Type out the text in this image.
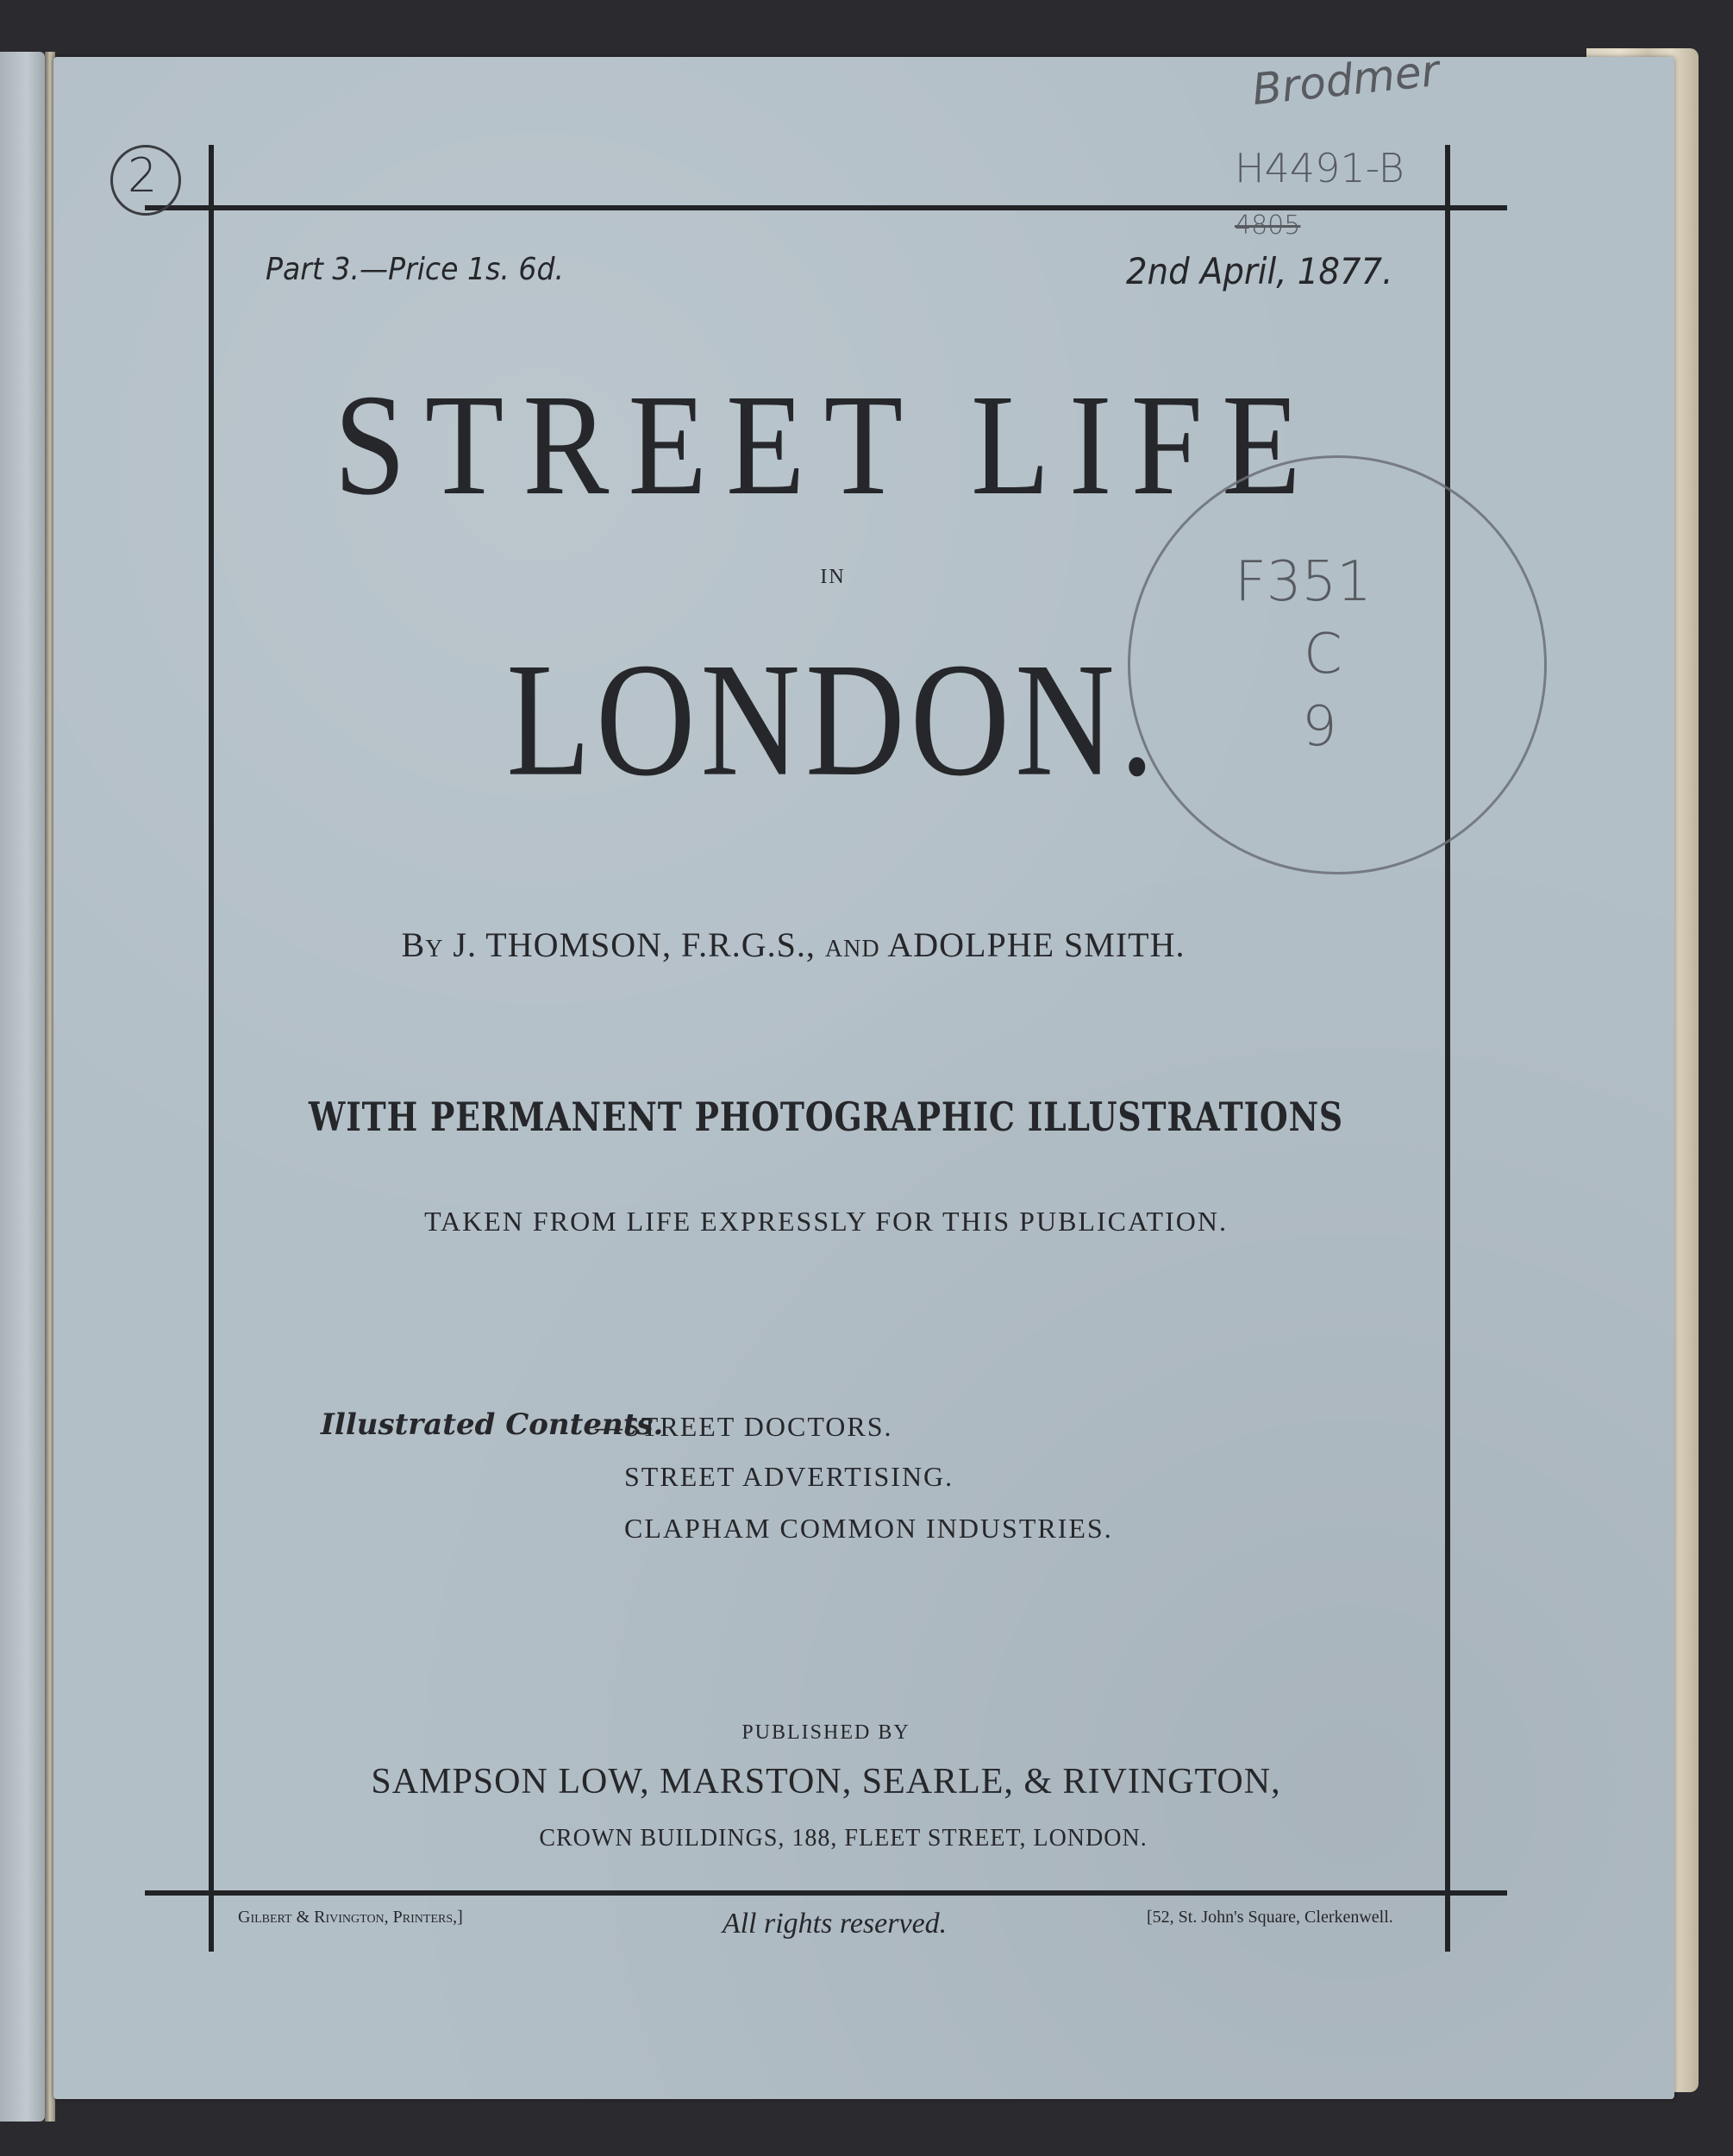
Part 3.—Price 1s. 6d.	2nd April, 1877.
STREET LIFE
IN
LONDON.
By J. THOMSON, F.R.G.S., and ADOLPHE SMITH.
WITH PERMANENT PHOTOGRAPHIC ILLUSTRATIONS
TAKEN FROM LIFE EXPRESSLY FOR THIS PUBLICATION.
Illustrated Contents.
—STREET DOCTORS.
STREET ADVERTISING.
CLAPHAM COMMON INDUSTRIES.
PUBLISHED BY
SAMPSON LOW, MARSTON, SEARLE, & RIVINGTON,
CROWN BUILDINGS, 188, FLEET STREET, LONDON.
Gilbert & Rivington, Printers,]	All rights reserved.	[52, St. John's Square, Clerkenwell.
2
Brodmer
H4491-B
4805
F351
C
9
